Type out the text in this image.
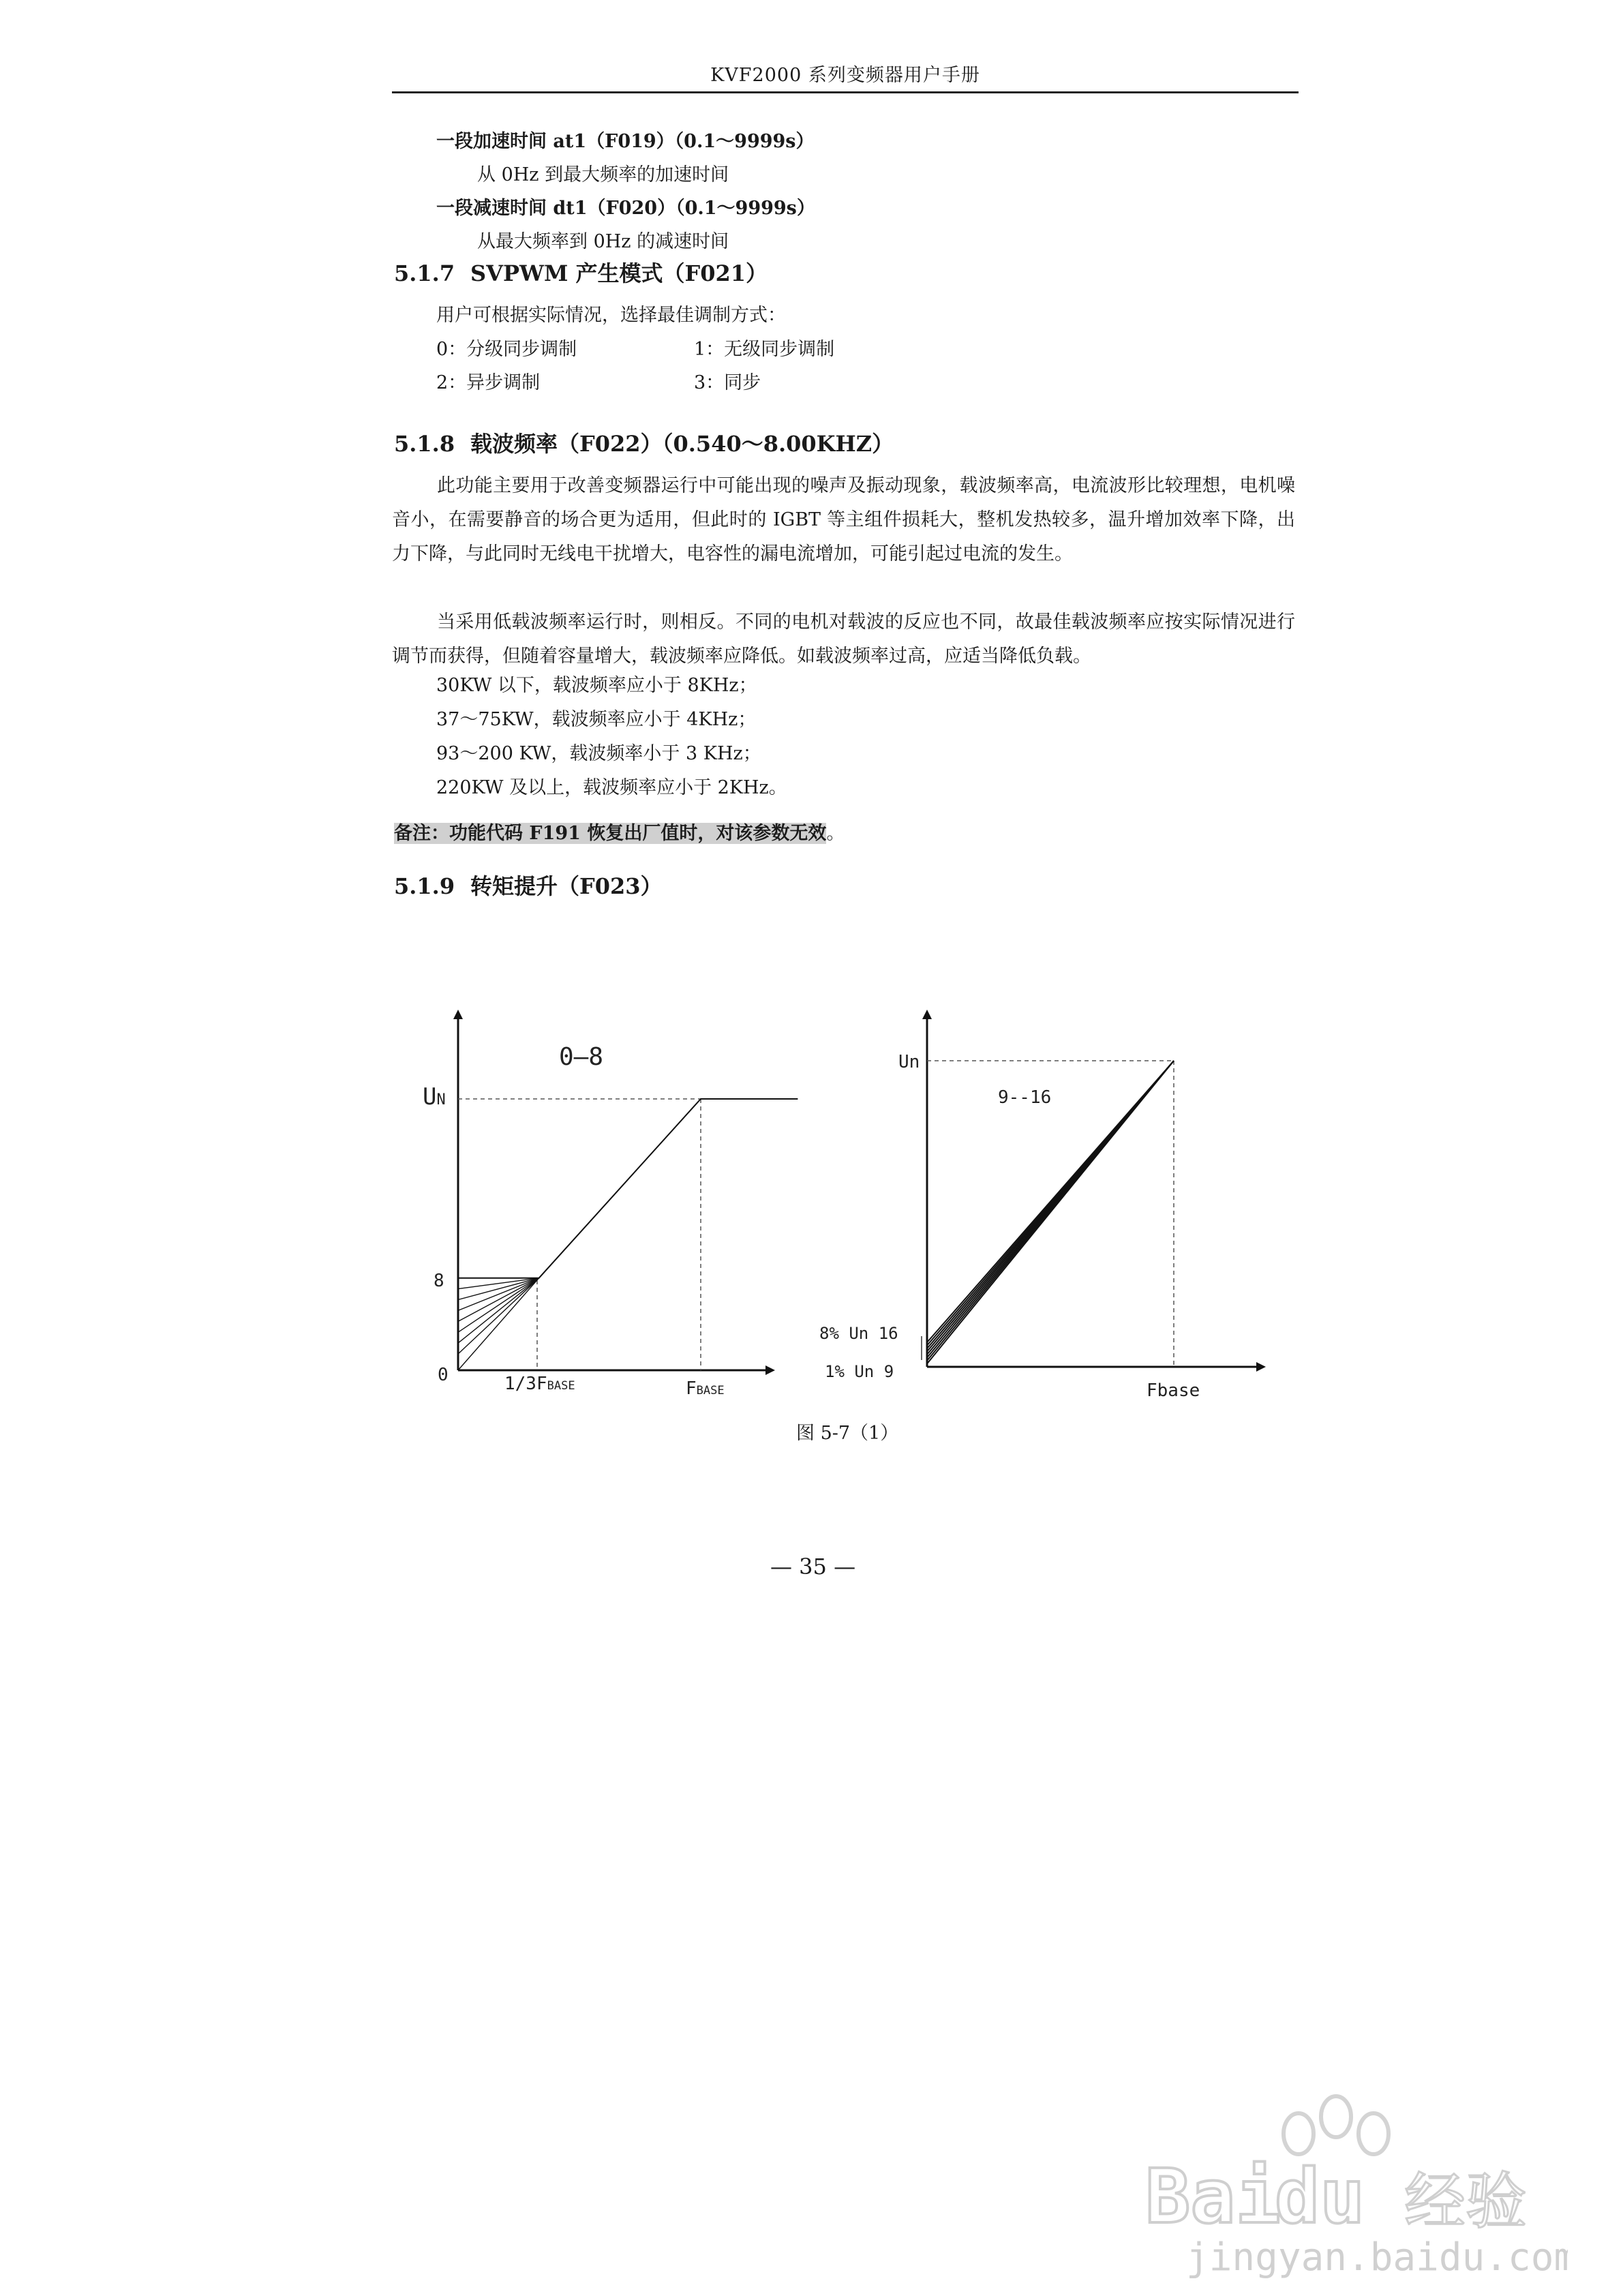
KVF2000 系列变频器用户手册
一段加速时间 at1（F019）（0.1～9999s）
从 0Hz 到最大频率的加速时间
一段减速时间 dt1（F020）（0.1～9999s）
从最大频率到 0Hz 的减速时间
5.1.7 SVPWM 产生模式（F021）
用户可根据实际情况，选择最佳调制方式：
0：分级同步调制	1：无级同步调制
2：异步调制	3：同步
5.1.8 载波频率（F022）（0.540～8.00KHZ）
此功能主要用于改善变频器运行中可能出现的噪声及振动现象，载波频率高，电流波形比较理想，电机噪音小，在需要静音的场合更为适用，但此时的 IGBT 等主组件损耗大，整机发热较多，温升增加效率下降，出力下降，与此同时无线电干扰增大，电容性的漏电流增加，可能引起过电流的发生。
当采用低载波频率运行时，则相反。不同的电机对载波的反应也不同，故最佳载波频率应按实际情况进行调节而获得，但随着容量增大，载波频率应降低。如载波频率过高，应适当降低负载。
30KW 以下，载波频率应小于 8KHz；
37～75KW，载波频率应小于 4KHz；
93～200 KW，载波频率小于 3 KHz；
220KW 及以上，载波频率应小于 2KHz。
备注：功能代码 F191 恢复出厂值时，对该参数无效。
5.1.9 转矩提升（F023）
0—8
UN
8
0	1/3FBASE	FBASE
9--16
Un
8% Un 16
1% Un 9
Fbase
图 5-7（1）
— 35 —
Bai
du 经验
jingyan.baidu.com
